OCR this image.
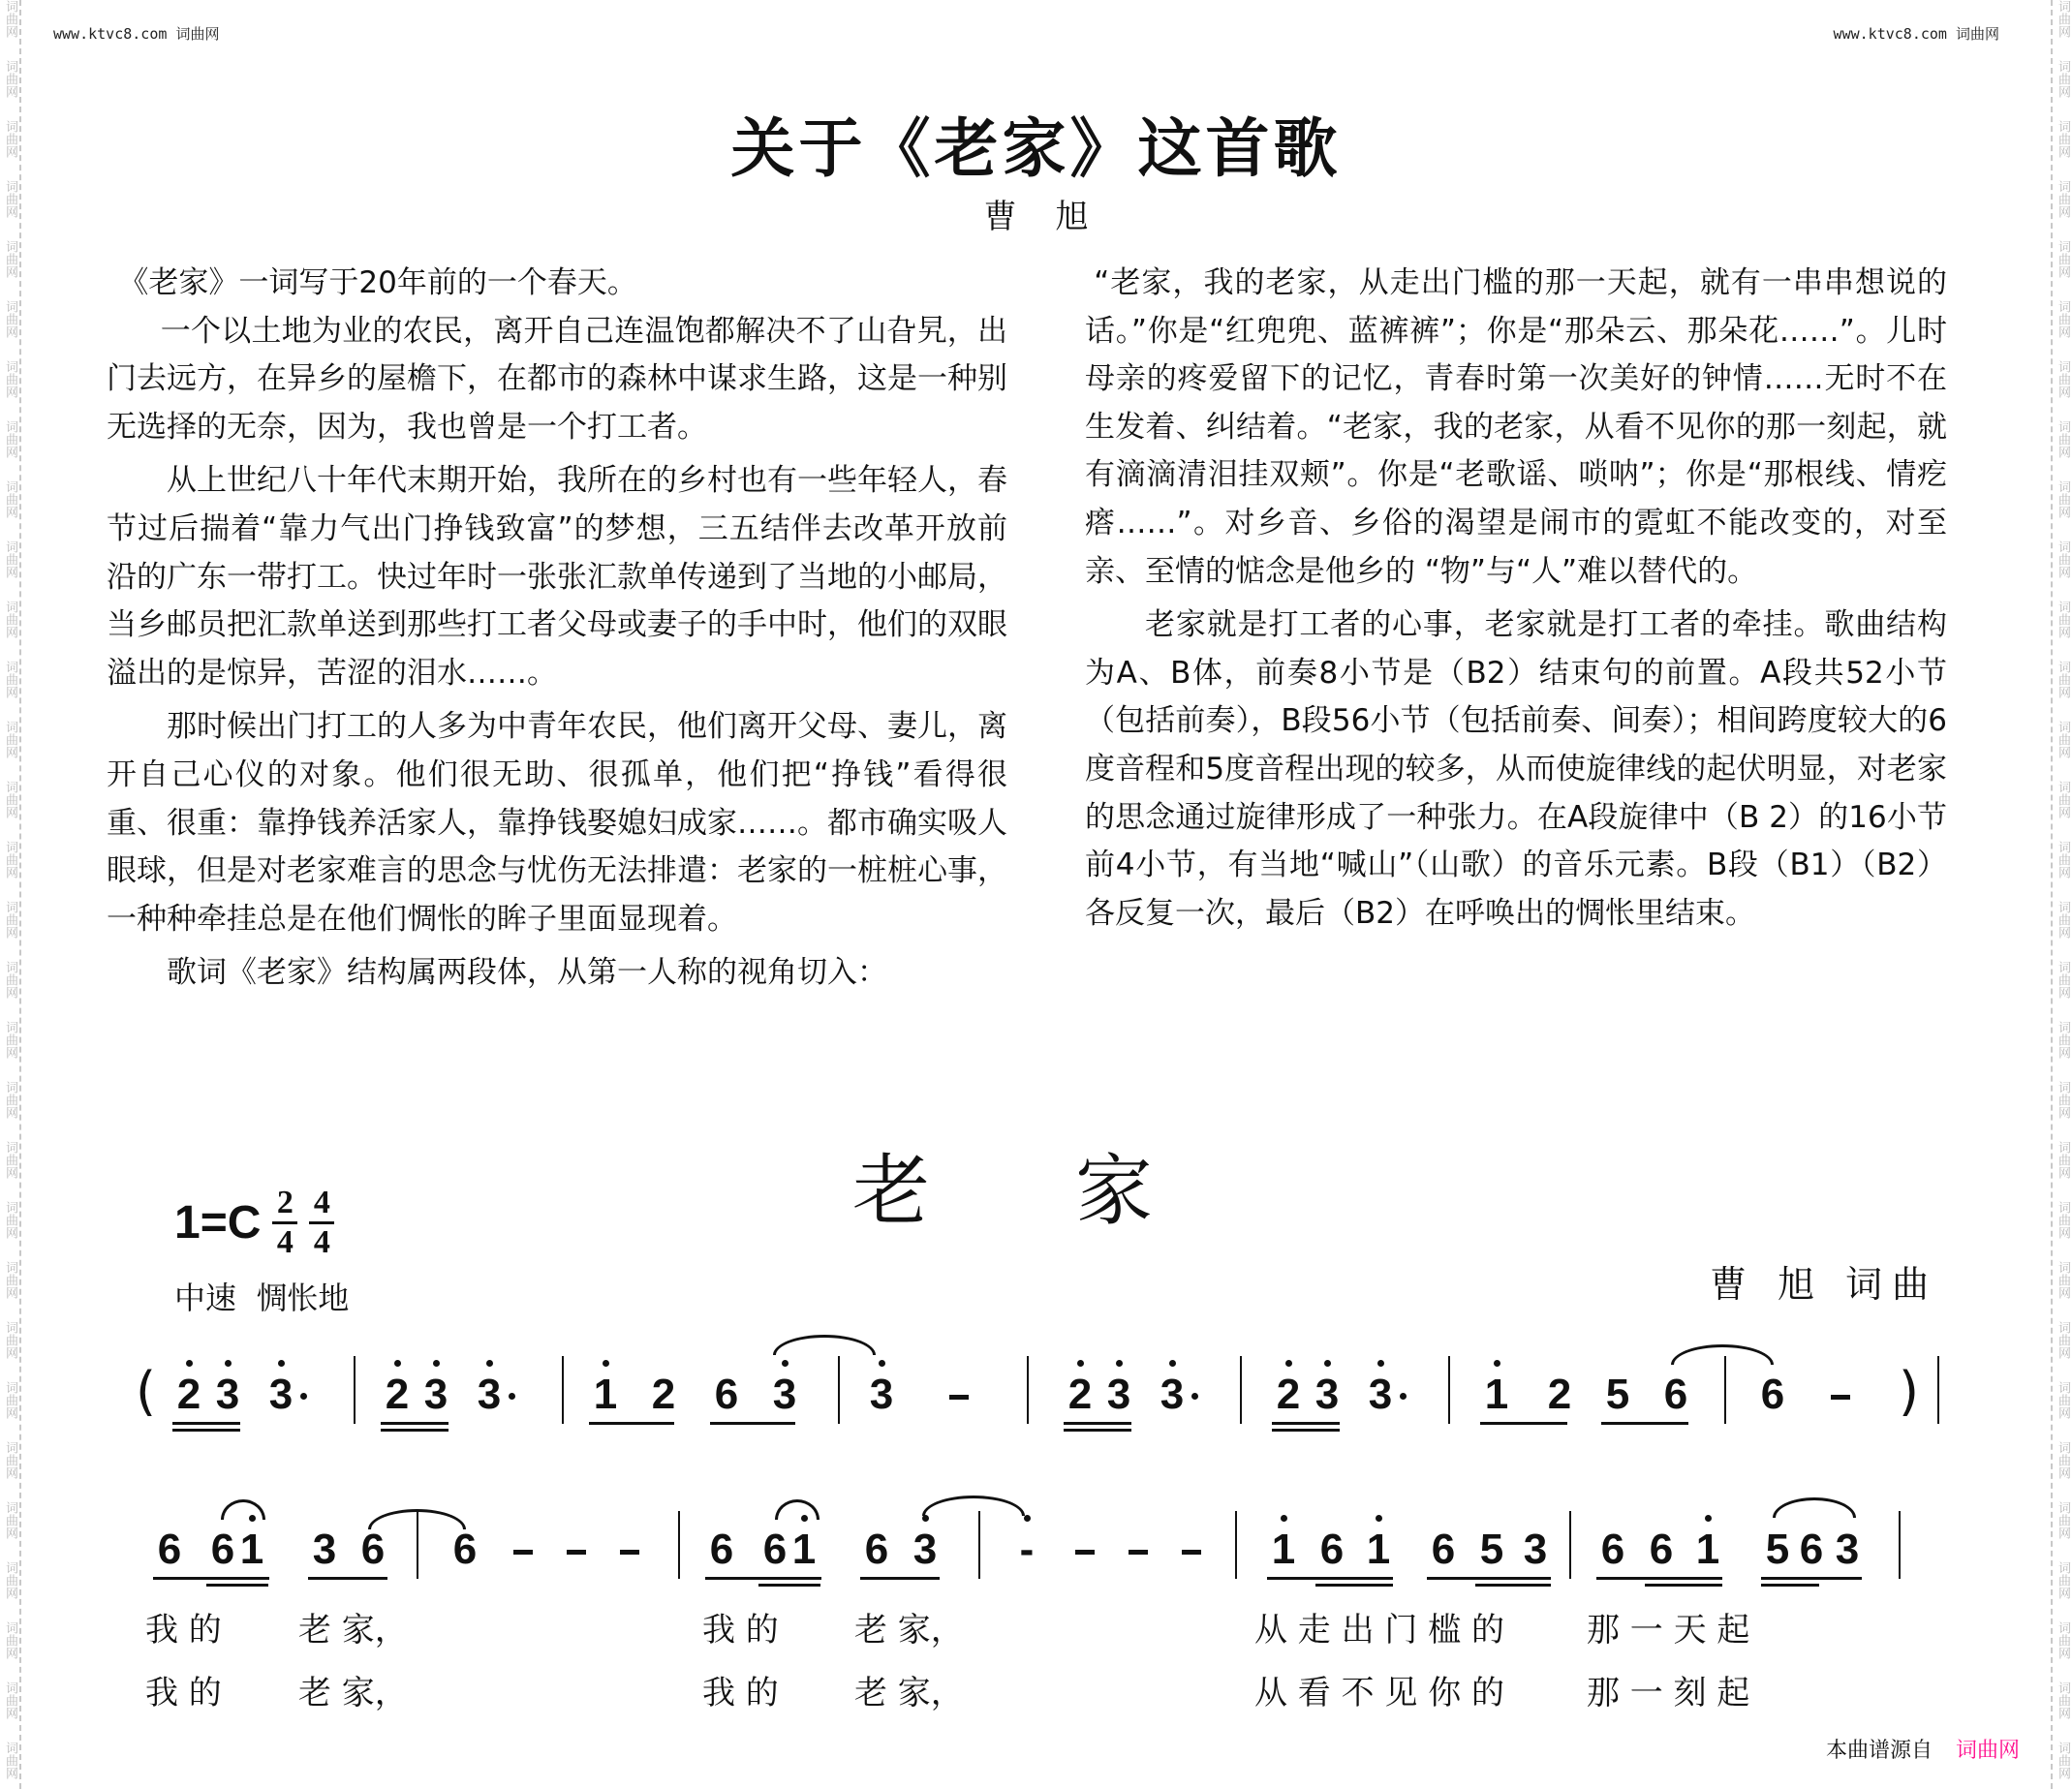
词曲网
词曲网
词曲网
词曲网
词曲网
词曲网
词曲网
词曲网
词曲网
词曲网
词曲网
词曲网
词曲网
词曲网
词曲网
词曲网
词曲网
词曲网
词曲网
词曲网
词曲网
词曲网
词曲网
词曲网
词曲网
词曲网
词曲网
词曲网
词曲网
词曲网
词曲网
词曲网
词曲网
词曲网
词曲网
词曲网
词曲网
词曲网
词曲网
词曲网
词曲网
词曲网
词曲网
词曲网
词曲网
词曲网
词曲网
词曲网
词曲网
词曲网
词曲网
词曲网
词曲网
词曲网
词曲网
词曲网
词曲网
词曲网
词曲网
词曲网
www.ktvc8.com 词曲网	www.ktvc8.com 词曲网
关于《老家》这首歌
曹旭

《老家》一词写于20年前的一个春天。

一个以土地为业的农民，离开自己连温饱都解决不了山旮旯，出门去远方，在异乡的屋檐下，在都市的森林中谋求生路，这是一种别无选择的无奈，因为，我也曾是一个打工者。

从上世纪八十年代末期开始，我所在的乡村也有一些年轻人，春节过后揣着“靠力气出门挣钱致富”的梦想，三五结伴去改革开放前沿的广东一带打工。快过年时一张张汇款单传递到了当地的小邮局，当乡邮员把汇款单送到那些打工者父母或妻子的手中时，他们的双眼溢出的是惊异，苦涩的泪水……。

那时候出门打工的人多为中青年农民，他们离开父母、妻儿，离开自己心仪的对象。他们很无助、很孤单，他们把“挣钱”看得很重、很重：靠挣钱养活家人，靠挣钱娶媳妇成家……。都市确实吸人眼球，但是对老家难言的思念与忧伤无法排遣：老家的一桩桩心事，一种种牵挂总是在他们惆怅的眸子里面显现着。

歌词《老家》结构属两段体，从第一人称的视角切入：

“老家，我的老家，从走出门槛的那一天起，就有一串串想说的话。”你是“红兜兜、蓝裤裤”；你是“那朵云、那朵花……”。儿时母亲的疼爱留下的记忆，青春时第一次美好的钟情……无时不在生发着、纠结着。“老家，我的老家，从看不见你的那一刻起，就有滴滴清泪挂双颊”。你是“老歌谣、唢呐”；你是“那根线、情疙瘩……”。对乡音、乡俗的渴望是闹市的霓虹不能改变的，对至亲、至情的惦念是他乡的 “物”与“人”难以替代的。

老家就是打工者的心事，老家就是打工者的牵挂。歌曲结构为A、B体，前奏8小节是（B2）结束句的前置。A段共52小节（包括前奏），B段56小节（包括前奏、间奏）；相间跨度较大的6度音程和5度音程出现的较多，从而使旋律线的起伏明显，对老家的思念通过旋律形成了一种张力。在A段旋律中（B 2）的16小节前4小节，有当地“喊山”（山歌）的音乐元素。B段（B1）（B2）各反复一次，最后（B2）在呼唤出的惆怅里结束。

老 家
$1=C \frac{2}{4} \frac{4}{4}$
中速  惆怅地	曹 旭 词曲
(	)
2 3 3 2 3 3 1 2 6 3 3	2 3 3 2 3 3 1 2 5 6 6
6 6 1 3 6 6	6 6 1 6 3 -	1 6 1 6 5 3 6 6 1 5 6 3
我 的 老 家，	我 的 老 家，	从 走 出 门 槛 的 那 一 天 起
我 的 老 家，	我 的 老 家，	从 看 不 见 你 的 那 一 刻 起
本曲谱源自 词曲网
